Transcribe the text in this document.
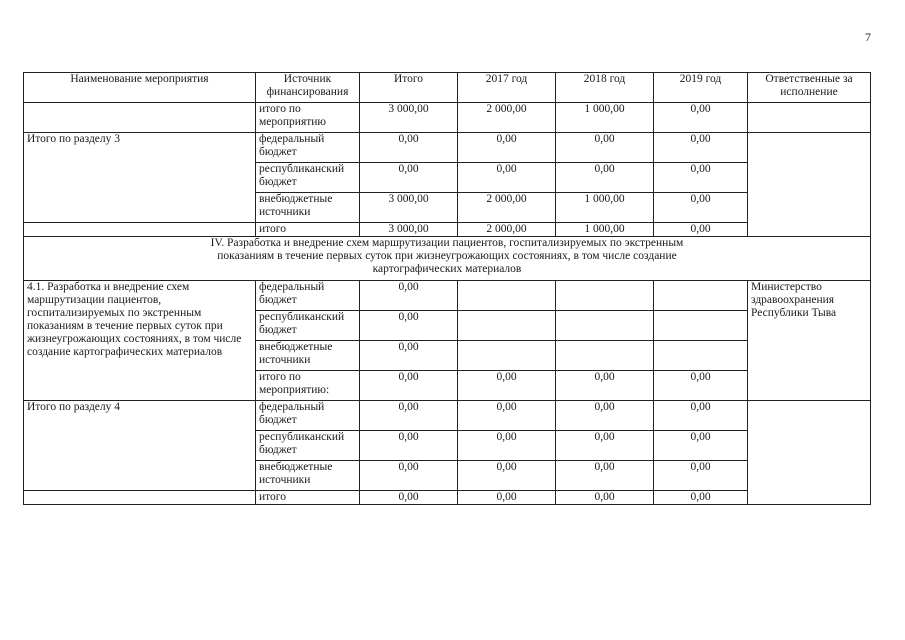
7
Наименование мероприятия	Источник финансирования	Итого	2017 год	2018 год	2019 год	Ответственные за исполнение
	итого по мероприятию	3 000,00	2 000,00	1 000,00	0,00	
Итого по разделу 3	федеральный бюджет	0,00	0,00	0,00	0,00	
	республиканский бюджет	0,00	0,00	0,00	0,00	
	внебюджетные источники	3 000,00	2 000,00	1 000,00	0,00	
	итого	3 000,00	2 000,00	1 000,00	0,00	
IV. Разработка и внедрение схем маршрутизации пациентов, госпитализируемых по экстренным показаниям в течение первых суток при жизнеугрожающих состояниях, в том числе создание картографических материалов						
4.1. Разработка и внедрение схем маршрутизации пациентов, госпитализируемых по экстренным показаниям в течение первых суток при жизнеугрожающих состояниях, в том числе создание картографических материалов	федеральный бюджет	0,00				Министерство здравоохранения Республики Тыва
	республиканский бюджет	0,00				
	внебюджетные источники	0,00				
	итого по мероприятию:	0,00	0,00	0,00	0,00	
Итого по разделу 4	федеральный бюджет	0,00	0,00	0,00	0,00	
	республиканский бюджет	0,00	0,00	0,00	0,00	
	внебюджетные источники	0,00	0,00	0,00	0,00	
	итого	0,00	0,00	0,00	0,00	
